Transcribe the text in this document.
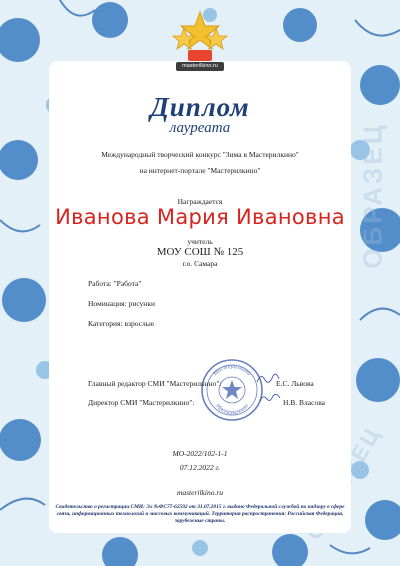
ОБРАЗЕЦ
masterilkino.ru
Диплом
лауреата
Международный творческий конкурс "Зима в Мастерилкино"
на интернет-портале "Мастерилкино"
Награждается
Иванова Мария Ивановна
учитель
МОУ СОШ № 125
г.о. Самара
Работа: "Работа"
Номинация: рисунки
Категория: взрослые
Мастерилкино
Мастерилкино
Главный редактор СМИ "Мастерилкино":	Е.С. Львова
Директор СМИ "Мастерилкино":	Н.В. Власова
МО-2022/102-1-1
07.12.2022 г.
masterilkino.ru
Свидетельство о регистрации СМИ: Эл №ФС77-62592 от 31.07.2015 г. выдано Федеральной службой по надзору в сфере связи, информационных технологий и массовых коммуникаций. Территория распространения: Российская Федерация, зарубежные страны.
